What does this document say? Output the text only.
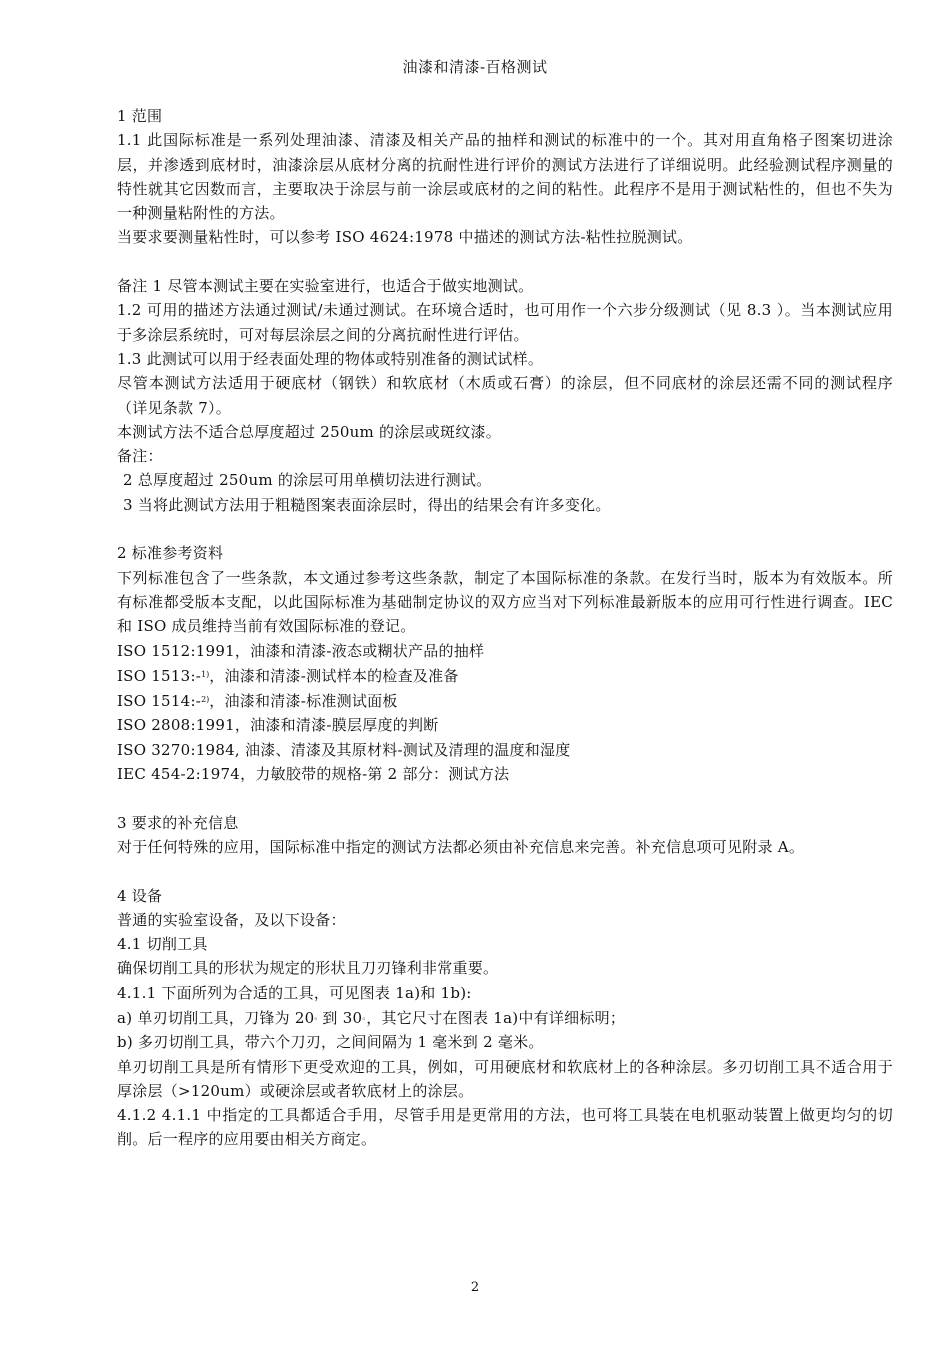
油漆和清漆-百格测试

1 范围

1.1 此国际标准是一系列处理油漆、清漆及相关产品的抽样和测试的标准中的一个。其对用直角格子图案切进涂层，并渗透到底材时，油漆涂层从底材分离的抗耐性进行评价的测试方法进行了详细说明。此经验测试程序测量的特性就其它因数而言，主要取决于涂层与前一涂层或底材的之间的粘性。此程序不是用于测试粘性的，但也不失为一种测量粘附性的方法。

当要求要测量粘性时，可以参考 ISO 4624:1978 中描述的测试方法-粘性拉脱测试。

备注 1 尽管本测试主要在实验室进行，也适合于做实地测试。

1.2 可用的描述方法通过测试/未通过测试。在环境合适时，也可用作一个六步分级测试（见 8.3 ）。当本测试应用于多涂层系统时，可对每层涂层之间的分离抗耐性进行评估。

1.3 此测试可以用于经表面处理的物体或特别准备的测试试样。

尽管本测试方法适用于硬底材（钢铁）和软底材（木质或石膏）的涂层，但不同底材的涂层还需不同的测试程序（详见条款 7）。

本测试方法不适合总厚度超过 250um 的涂层或斑纹漆。

备注：

2 总厚度超过 250um 的涂层可用单横切法进行测试。

3 当将此测试方法用于粗糙图案表面涂层时，得出的结果会有许多变化。

2 标准参考资料

下列标准包含了一些条款，本文通过参考这些条款，制定了本国际标准的条款。在发行当时，版本为有效版本。所有标准都受版本支配，以此国际标准为基础制定协议的双方应当对下列标准最新版本的应用可行性进行调查。IEC 和 ISO 成员维持当前有效国际标准的登记。

ISO 1512:1991，油漆和清漆-液态或糊状产品的抽样

ISO 1513:-$^{1)}$，油漆和清漆-测试样本的检查及准备

ISO 1514:-$^{2)}$，油漆和清漆-标准测试面板

ISO 2808:1991，油漆和清漆-膜层厚度的判断

ISO 3270:1984, 油漆、清漆及其原材料-测试及清理的温度和湿度

IEC 454-2:1974，力敏胶带的规格-第 2 部分：测试方法

3 要求的补充信息

对于任何特殊的应用，国际标准中指定的测试方法都必须由补充信息来完善。补充信息项可见附录 A。

4 设备

普通的实验室设备，及以下设备：

4.1 切削工具

确保切削工具的形状为规定的形状且刀刃锋利非常重要。

4.1.1 下面所列为合适的工具，可见图表 1a)和 1b):

a) 单刃切削工具，刀锋为 20。到 30。，其它尺寸在图表 1a)中有详细标明；

b) 多刃切削工具，带六个刀刃，之间间隔为 1 毫米到 2 毫米。

单刃切削工具是所有情形下更受欢迎的工具，例如，可用硬底材和软底材上的各种涂层。多刃切削工具不适合用于厚涂层（>120um）或硬涂层或者软底材上的涂层。

4.1.2 4.1.1 中指定的工具都适合手用，尽管手用是更常用的方法，也可将工具装在电机驱动装置上做更均匀的切削。后一程序的应用要由相关方商定。

2
